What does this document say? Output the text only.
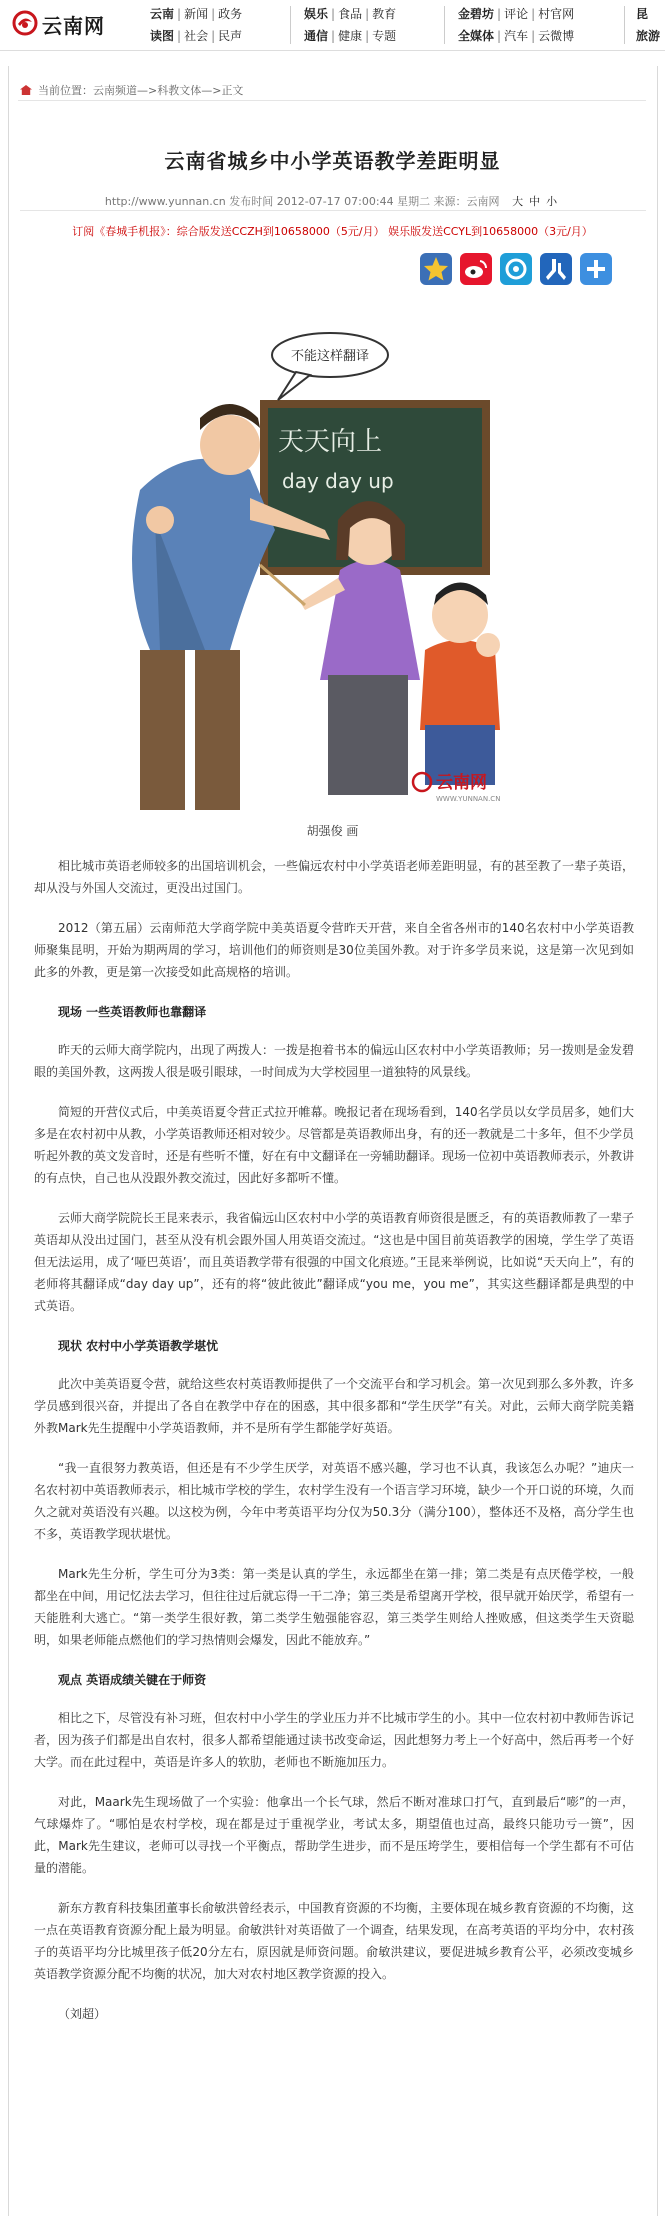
云南网	云南 | 新闻 | 政务
读图 | 社会 | 民声
娱乐 | 食品 | 教育
通信 | 健康 | 专题
金碧坊 | 评论 | 村官网
全媒体 | 汽车 | 云微博
昆
旅游
当前位置：云南频道—>科教文体—>正文
云南省城乡中小学英语教学差距明显
http://www.yunnan.cn 发布时间 2012-07-17 07:00:44 星期二 来源：云南网 大 中 小
订阅《春城手机报》：综合版发送CCZH到10658000（5元/月） 娱乐版发送CCYL到10658000（3元/月）
天天向上
day day up
不能这样翻译
云南网
WWW.YUNNAN.CN
胡强俊 画

相比城市英语老师较多的出国培训机会，一些偏远农村中小学英语老师差距明显，有的甚至教了一辈子英语，却从没与外国人交流过，更没出过国门。

2012（第五届）云南师范大学商学院中美英语夏令营昨天开营，来自全省各州市的140名农村中小学英语教师聚集昆明，开始为期两周的学习，培训他们的师资则是30位美国外教。对于许多学员来说，这是第一次见到如此多的外教，更是第一次接受如此高规格的培训。

现场 一些英语教师也靠翻译

昨天的云师大商学院内，出现了两拨人：一拨是抱着书本的偏远山区农村中小学英语教师；另一拨则是金发碧眼的美国外教，这两拨人很是吸引眼球，一时间成为大学校园里一道独特的风景线。

简短的开营仪式后，中美英语夏令营正式拉开帷幕。晚报记者在现场看到，140名学员以女学员居多，她们大多是在农村初中从教，小学英语教师还相对较少。尽管都是英语教师出身，有的还一教就是二十多年，但不少学员听起外教的英文发音时，还是有些听不懂，好在有中文翻译在一旁辅助翻译。现场一位初中英语教师表示，外教讲的有点快，自己也从没跟外教交流过，因此好多都听不懂。

云师大商学院院长王昆来表示，我省偏远山区农村中小学的英语教育师资很是匮乏，有的英语教师教了一辈子英语却从没出过国门，甚至从没有机会跟外国人用英语交流过。“这也是中国目前英语教学的困境，学生学了英语但无法运用，成了‘哑巴英语’，而且英语教学带有很强的中国文化痕迹。”王昆来举例说，比如说“天天向上”，有的老师将其翻译成“day day up”，还有的将“彼此彼此”翻译成“you me，you me”，其实这些翻译都是典型的中式英语。

现状 农村中小学英语教学堪忧

此次中美英语夏令营，就给这些农村英语教师提供了一个交流平台和学习机会。第一次见到那么多外教，许多学员感到很兴奋，并提出了各自在教学中存在的困惑，其中很多都和“学生厌学”有关。对此，云师大商学院美籍外教Mark先生提醒中小学英语教师，并不是所有学生都能学好英语。

“我一直很努力教英语，但还是有不少学生厌学，对英语不感兴趣，学习也不认真，我该怎么办呢？”迪庆一名农村初中英语教师表示，相比城市学校的学生，农村学生没有一个语言学习环境，缺少一个开口说的环境，久而久之就对英语没有兴趣。以这校为例，今年中考英语平均分仅为50.3分（满分100），整体还不及格，高分学生也不多，英语教学现状堪忧。

Mark先生分析，学生可分为3类：第一类是认真的学生，永远都坐在第一排；第二类是有点厌倦学校，一般都坐在中间，用记忆法去学习，但往往过后就忘得一干二净；第三类是希望离开学校，很早就开始厌学，希望有一天能胜利大逃亡。“第一类学生很好教，第二类学生勉强能容忍，第三类学生则给人挫败感，但这类学生天资聪明，如果老师能点燃他们的学习热情则会爆发，因此不能放弃。”

观点 英语成绩关键在于师资

相比之下，尽管没有补习班，但农村中小学生的学业压力并不比城市学生的小。其中一位农村初中教师告诉记者，因为孩子们都是出自农村，很多人都希望能通过读书改变命运，因此想努力考上一个好高中，然后再考一个好大学。而在此过程中，英语是许多人的软肋，老师也不断施加压力。

对此，Maark先生现场做了一个实验：他拿出一个长气球，然后不断对准球口打气，直到最后“嘭”的一声，气球爆炸了。“哪怕是农村学校，现在都是过于重视学业，考试太多，期望值也过高，最终只能功亏一篑”，因此，Mark先生建议，老师可以寻找一个平衡点，帮助学生进步，而不是压垮学生，要相信每一个学生都有不可估量的潜能。

新东方教育科技集团董事长俞敏洪曾经表示，中国教育资源的不均衡，主要体现在城乡教育资源的不均衡，这一点在英语教育资源分配上最为明显。俞敏洪针对英语做了一个调查，结果发现，在高考英语的平均分中，农村孩子的英语平均分比城里孩子低20分左右，原因就是师资问题。俞敏洪建议，要促进城乡教育公平，必须改变城乡英语教学资源分配不均衡的状况，加大对农村地区教学资源的投入。

（刘超）
